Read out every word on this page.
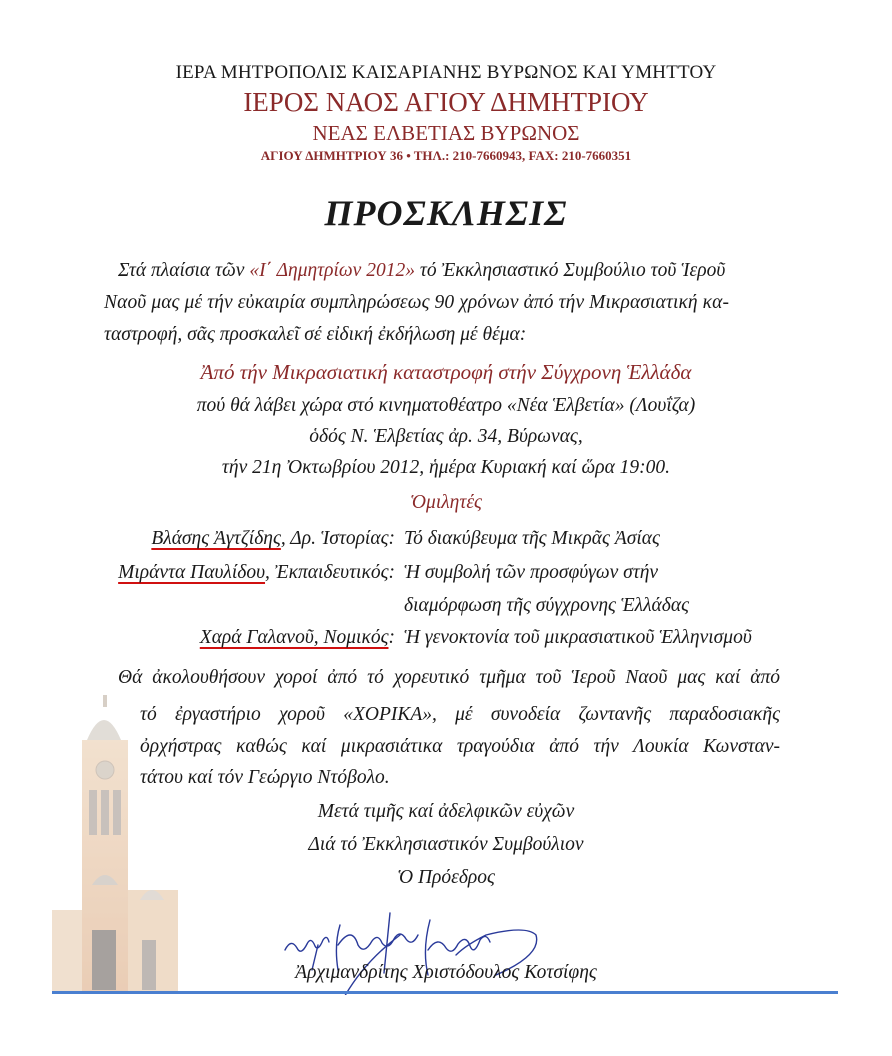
ΙΕΡΑ ΜΗΤΡΟΠΟΛΙΣ ΚΑΙΣΑΡΙΑΝΗΣ ΒΥΡΩΝΟΣ ΚΑΙ ΥΜΗΤΤΟΥ
ΙΕΡΟΣ ΝΑΟΣ ΑΓΙΟΥ ΔΗΜΗΤΡΙΟΥ
ΝΕΑΣ ΕΛΒΕΤΙΑΣ ΒΥΡΩΝΟΣ
ΑΓΙΟΥ ΔΗΜΗΤΡΙΟΥ 36 • ΤΗΛ.: 210-7660943, FAX: 210-7660351
ΠΡΟΣΚΛΗΣΙΣ
Στά πλαίσια τῶν «Ι΄ Δημητρίων 2012» τό Ἐκκλησιαστικό Συμβούλιο τοῦ Ἱεροῦ
Ναοῦ μας μέ τήν εὐκαιρία συμπληρώσεως 90 χρόνων ἀπό τήν Μικρασιατική κα-
ταστροφή, σᾶς προσκαλεῖ σέ εἰδική ἐκδήλωση μέ θέμα:
Ἀπό τήν Μικρασιατική καταστροφή στήν Σύγχρονη Ἑλλάδα
πού θά λάβει χώρα στό κινηματοθέατρο «Νέα Ἑλβετία» (Λουΐζα)
ὁδός Ν. Ἑλβετίας ἀρ. 34, Βύρωνας,
τήν 21η Ὀκτωβρίου 2012, ἡμέρα Κυριακή καί ὥρα 19:00.
Ὁμιλητές
Βλάσης Ἀγτζίδης, Δρ. Ἱστορίας: Τό διακύβευμα τῆς Μικρᾶς Ἀσίας
Μιράντα Παυλίδου, Ἐκπαιδευτικός: Ἡ συμβολή τῶν προσφύγων στήν
διαμόρφωση τῆς σύγχρονης Ἑλλάδας
Χαρά Γαλανοῦ, Νομικός: Ἡ γενοκτονία τοῦ μικρασιατικοῦ Ἑλληνισμοῦ
Θά ἀκολουθήσουν χοροί ἀπό τό χορευτικό τμῆμα τοῦ Ἱεροῦ Ναοῦ μας καί ἀπό
τό ἐργαστήριο χοροῦ «ΧΟΡΙΚΑ», μέ συνοδεία ζωντανῆς παραδοσιακῆς
ὀρχήστρας καθώς καί μικρασιάτικα τραγούδια ἀπό τήν Λουκία Κωνσταν-
τάτου καί τόν Γεώργιο Ντόβολο.
Μετά τιμῆς καί ἀδελφικῶν εὐχῶν
Διά τό Ἐκκλησιαστικόν Συμβούλιον
Ὁ Πρόεδρος
Ἀρχιμανδρίτης Χριστόδουλος Κοτσίφης
